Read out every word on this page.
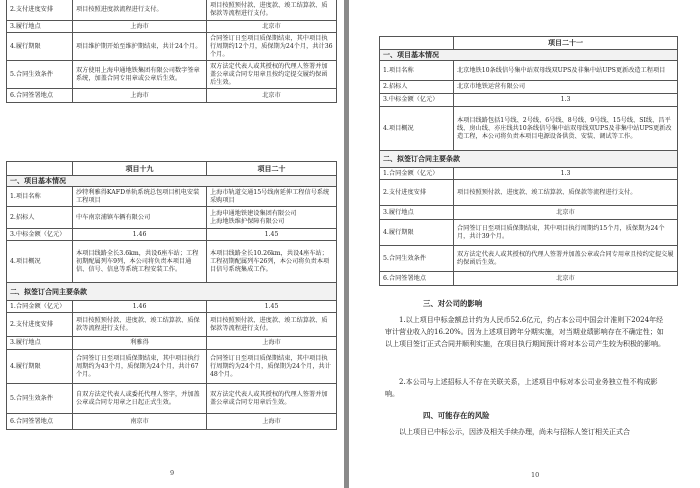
2.支付进度安排	项目按照进度款流程进行支付。	项目按照预付款、进度款、竣工结算款、质保款等流程进行支付。
3.履行地点	上海市	北京市
4.履行期限	项目维护期开始至维护期结束，共计24个月。	合同签订日至项目质保期结束，其中项目执行周期约12个月，质保期为24个月，共计36个月。
5.合同生效条件	双方使用上海申通地铁集团有限公司数字签章系统，加盖合同专用章或公章后生效。	双方法定代表人或其授权的代理人签署并加盖公章或合同专用章且按约定提交履约保函后生效。
6.合同签署地点	上海市	北京市
	项目十九	项目二十
一、项目基本情况		
1.项目名称	沙特利雅得KAFD单轨系统总包项目机电安装工程项目	上海市轨道交通15号线南延伸工程信号系统采购项目
2.招标人	中车南京浦镇车辆有限公司	上海申通地铁建设集团有限公司
上海地铁维护保障有限公司
3.中标金额（亿元）	1.46	1.45
4.项目概况	本项目线路全长3.6km，共设6座车站；工程初期配属列车9列，本公司将负责本项目通信、信号、信息等系统工程安装工作。	本项目线路全长10.26km，共设4座车站；工程初期配属列车26列，本公司将负责本项目信号系统集成工作。
二、拟签订合同主要条款		
1.合同金额（亿元）	1.46	1.45
2.支付进度安排	项目按照预付款、进度款、竣工结算款、质保款等流程进行支付。	项目按照预付款、进度款、竣工结算款、质保款等流程进行支付。
3.履行地点	利雅得	上海市
4.履行期限	合同签订日至项目质保期结束，其中项目执行周期约为43个月，质保期为24个月，共计67个月。	合同签订日至项目质保期结束，其中项目执行周期约为24个月，质保期为24个月，共计48个月。
5.合同生效条件	自双方法定代表人或委托代理人签字，并加盖公章或合同专用章之日起正式生效。	双方法定代表人或其授权的代理人签署并加盖公章或合同专用章后生效。
6.合同签署地点	南京市	上海市
9
	项目二十一
一、项目基本情况	
1.项目名称	北京地铁10条线信号集中站双母线双UPS及非集中站UPS更新改造工程项目
2.招标人	北京市地铁运营有限公司
3.中标金额（亿元）	1.3
4.项目概况	本项目线路包括1号线、2号线、6号线、8号线、9号线、15号线、SI线、昌平线、房山线、亦庄线共10条线信号集中站双母线双UPS及非集中站UPS更新改造工程，本公司将负责本项目电源设备供货、安装、调试等工作。
二、拟签订合同主要条款	
1.合同金额（亿元）	1.3
2.支付进度安排	项目按照预付款、进度款、竣工结算款、质保款等流程进行支付。
3.履行地点	北京市
4.履行期限	合同签订日至项目质保期结束，其中项目执行周期约15个月，质保期为24个月，共计39个月。
5.合同生效条件	双方法定代表人或其授权的代理人签署并加盖公章或合同专用章且按约定提交履约保函后生效。
6.合同签署地点	北京市
三、对公司的影响
1.以上项目中标金额总计约为人民币52.6亿元，约占本公司中国会计准则下2024年经审计营业收入的16.20%。因为上述项目跨年分期实施，对当期业绩影响存在不确定性；如以上项目签订正式合同并顺利实施，在项目执行期间预计将对本公司产生较为积极的影响。
2.本公司与上述招标人不存在关联关系，上述项目中标对本公司业务独立性不构成影响。
四、可能存在的风险
以上项目已中标公示，因涉及相关手续办理，尚未与招标人签订相关正式合
10
